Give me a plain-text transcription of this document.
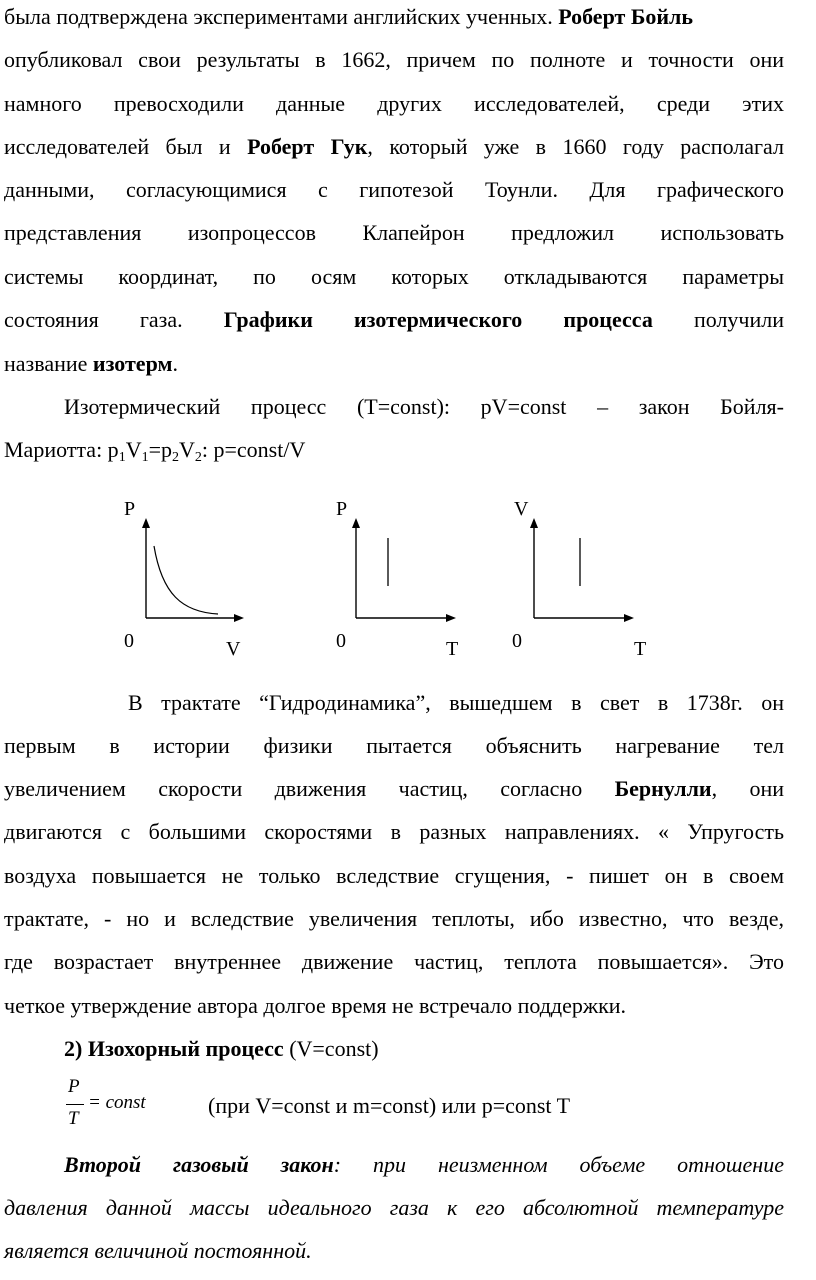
была подтверждена экспериментами английских ученных. Роберт Бойль
опубликовал свои результаты в 1662, причем по полноте и точности они
намного превосходили данные других исследователей, среди этих
исследователей был и Роберт Гук, который уже в 1660 году располагал
данными, согласующимися с гипотезой Тоунли. Для графического
представления изопроцессов Клапейрон предложил использовать
системы координат, по осям которых откладываются параметры
состояния газа. Графики изотермического процесса получили
название изотерм.
Изотермический процесс (T=const): pV=const – закон Бойля-
Мариотта: $p_1V_1=p_2V_2$: p=const/V
P
0	V
P
0	T
V
0	T
В трактате “Гидродинамика”, вышедшем в свет в 1738г. он
первым в истории физики пытается объяснить нагревание тел
увеличением скорости движения частиц, согласно Бернулли, они
двигаются с большими скоростями в разных направлениях. « Упругость
воздуха повышается не только вследствие сгущения, - пишет он в своем
трактате, - но и вследствие увеличения теплоты, ибо известно, что везде,
где возрастает внутреннее движение частиц, теплота повышается». Это
четкое утверждение автора долгое время не встречало поддержки.
2) Изохорный процесс (V=const)
P
T
= const	(при V=const и m=const) или p=const T
Второй газовый закон: при неизменном объеме отношение
давления данной массы идеального газа к его абсолютной температуре
является величиной постоянной.
